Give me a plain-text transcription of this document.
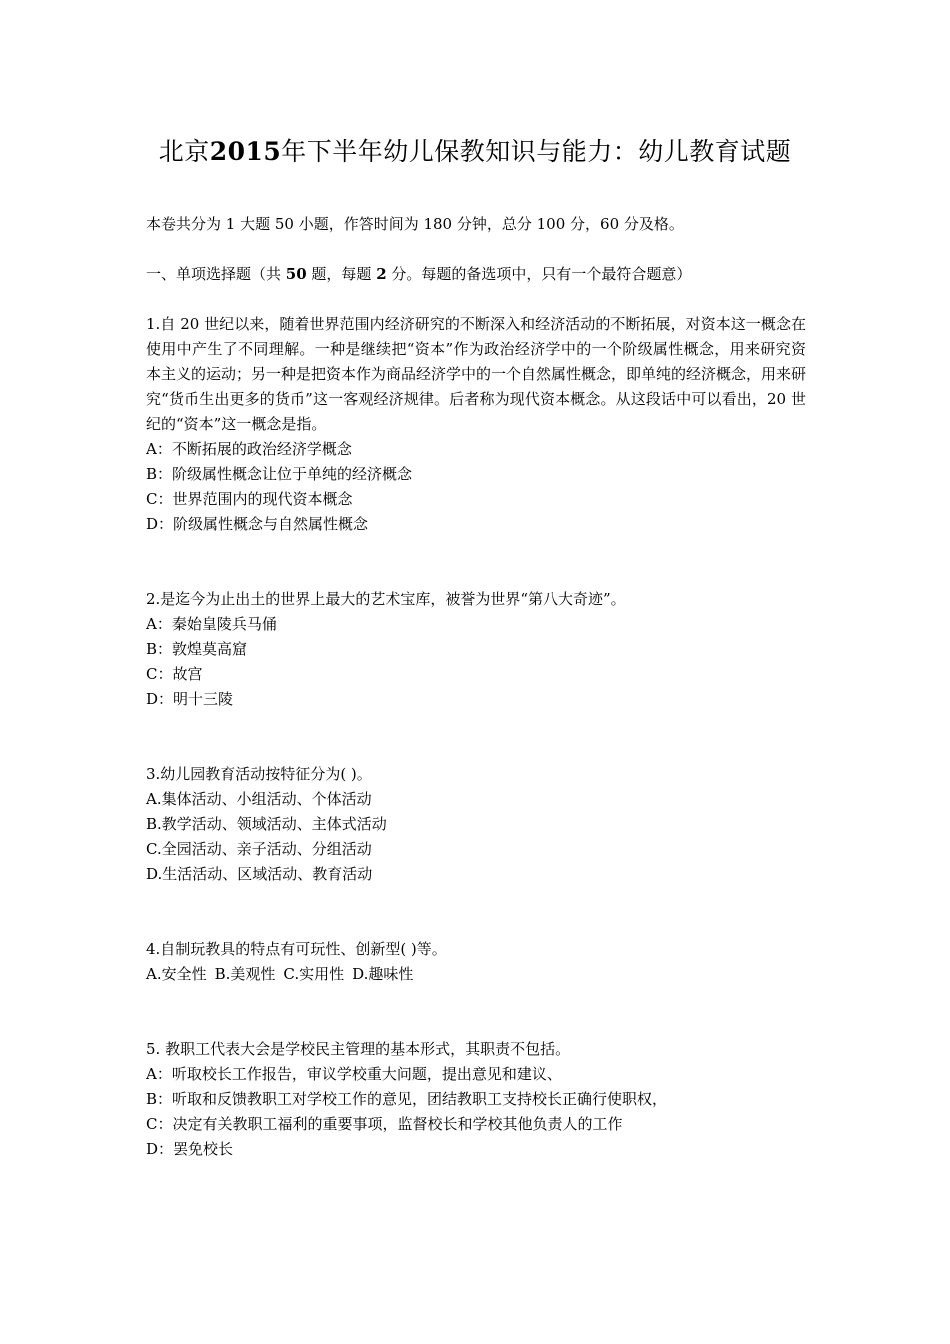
北京2015年下半年幼儿保教知识与能力：幼儿教育试题

本卷共分为 1 大题 50 小题，作答时间为 180 分钟，总分 100 分，60 分及格。

一、单项选择题（共 50 题，每题 2 分。每题的备选项中，只有一个最符合题意）

1.自 20 世纪以来，随着世界范围内经济研究的不断深入和经济活动的不断拓展，对资本这一概念在使用中产生了不同理解。一种是继续把“资本”作为政治经济学中的一个阶级属性概念，用来研究资本主义的运动；另一种是把资本作为商品经济学中的一个自然属性概念，即单纯的经济概念，用来研究“货币生出更多的货币”这一客观经济规律。后者称为现代资本概念。从这段话中可以看出，20 世纪的“资本”这一概念是指。

A：不断拓展的政治经济学概念

B：阶级属性概念让位于单纯的经济概念

C：世界范围内的现代资本概念

D：阶级属性概念与自然属性概念

2.是迄今为止出土的世界上最大的艺术宝库，被誉为世界“第八大奇迹”。

A：秦始皇陵兵马俑

B：敦煌莫高窟

C：故宫

D：明十三陵

3.幼儿园教育活动按特征分为( )。

A.集体活动、小组活动、个体活动

B.教学活动、领域活动、主体式活动

C.全园活动、亲子活动、分组活动

D.生活活动、区域活动、教育活动

4.自制玩教具的特点有可玩性、创新型( )等。

A.安全性 B.美观性 C.实用性 D.趣味性

5. 教职工代表大会是学校民主管理的基本形式，其职责不包括。

A：听取校长工作报告，审议学校重大问题，提出意见和建议、

B：听取和反馈教职工对学校工作的意见，团结教职工支持校长正确行使职权，

C：决定有关教职工福利的重要事项，监督校长和学校其他负责人的工作

D：罢免校长
